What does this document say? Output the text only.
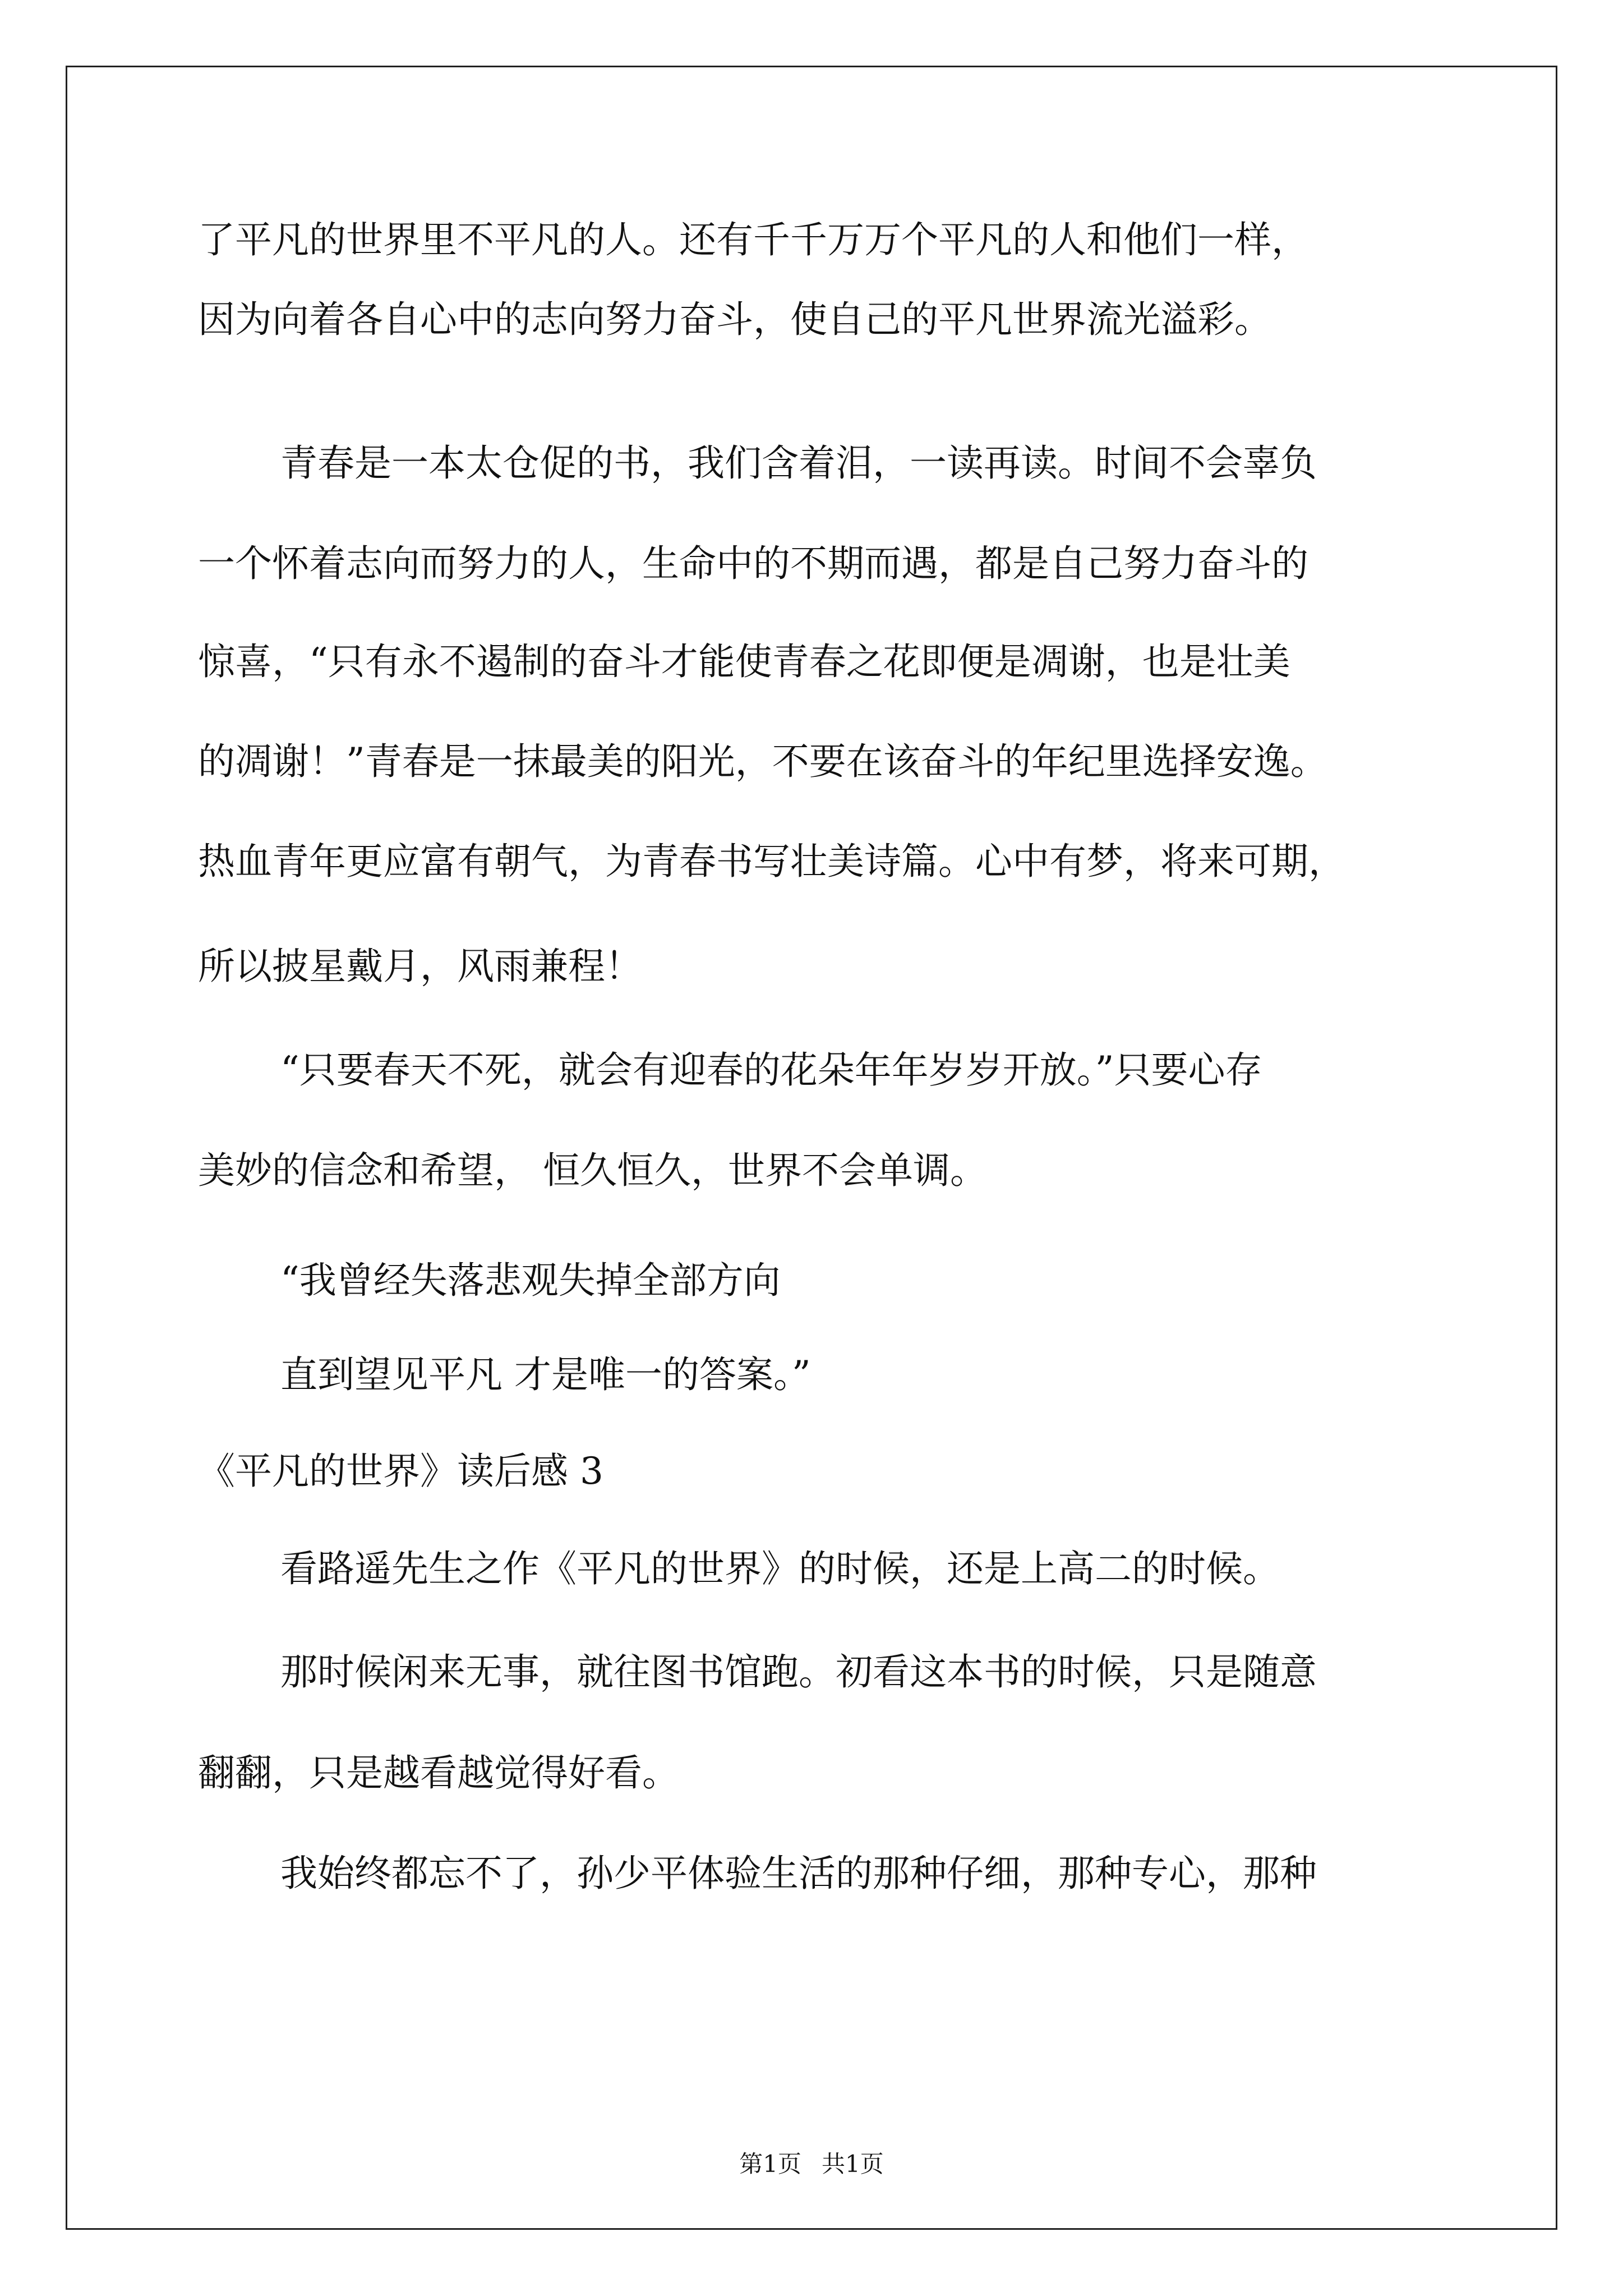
了平凡的世界里不平凡的人。还有千千万万个平凡的人和他们一样，

因为向着各自心中的志向努力奋斗，使自己的平凡世界流光溢彩。

青春是一本太仓促的书，我们含着泪，一读再读。时间不会辜负

一个怀着志向而努力的人，生命中的不期而遇，都是自己努力奋斗的

惊喜，“只有永不遏制的奋斗才能使青春之花即便是凋谢，也是壮美

的凋谢！”青春是一抹最美的阳光，不要在该奋斗的年纪里选择安逸。

热血青年更应富有朝气，为青春书写壮美诗篇。心中有梦，将来可期，

所以披星戴月，风雨兼程！

“只要春天不死，就会有迎春的花朵年年岁岁开放。”只要心存

美妙的信念和希望， 恒久恒久，世界不会单调。

“我曾经失落悲观失掉全部方向

直到望见平凡 才是唯一的答案。”

《平凡的世界》读后感 3

看路遥先生之作《平凡的世界》的时候，还是上高二的时候。

那时候闲来无事，就往图书馆跑。初看这本书的时候，只是随意

翻翻，只是越看越觉得好看。

我始终都忘不了，孙少平体验生活的那种仔细，那种专心，那种

第1页 共1页
